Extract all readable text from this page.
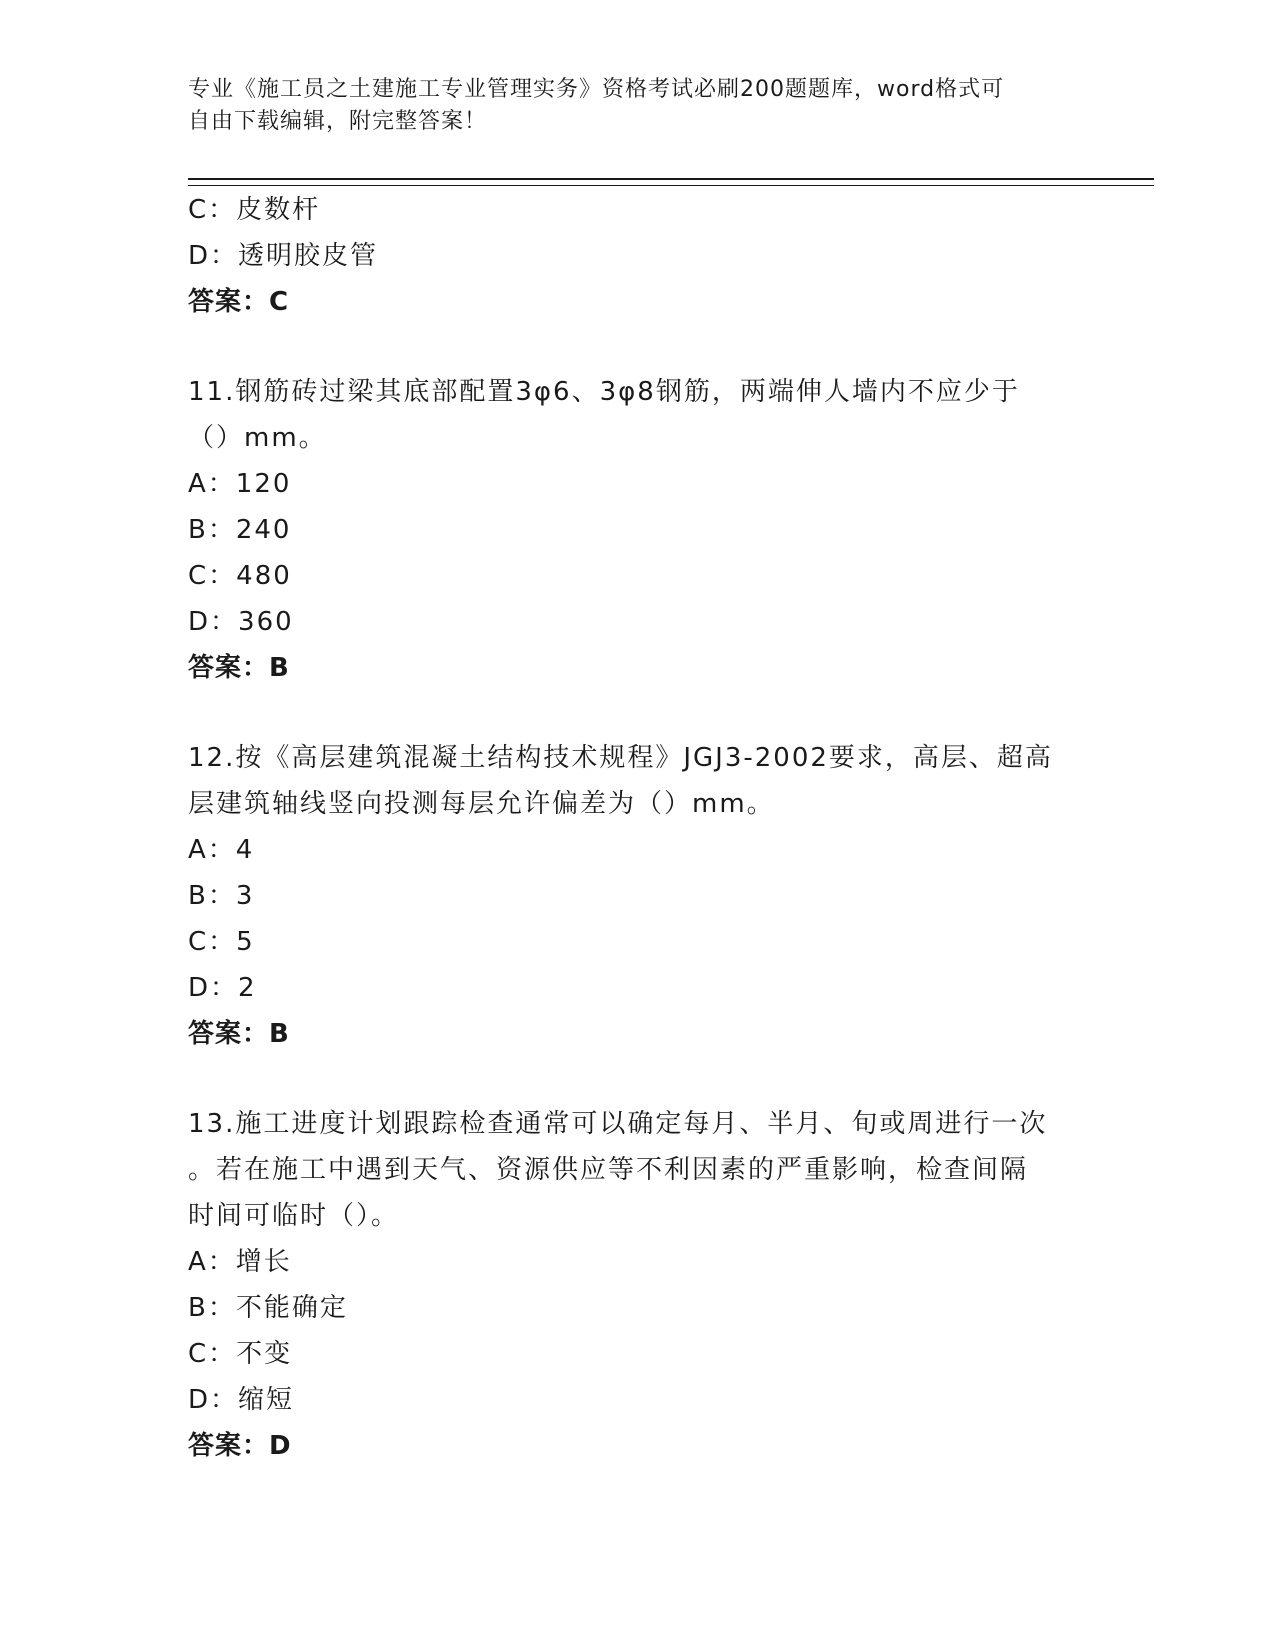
专业《施工员之土建施工专业管理实务》资格考试必刷200题题库，word格式可
自由下载编辑，附完整答案！
C：皮数杆
D：透明胶皮管
答案：C
11.钢筋砖过梁其底部配置3φ6、3φ8钢筋，两端伸人墙内不应少于
（）mm。
A：120
B：240
C：480
D：360
答案：B
12.按《高层建筑混凝土结构技术规程》JGJ3-2002要求，高层、超高
层建筑轴线竖向投测每层允许偏差为（）mm。
A：4
B：3
C：5
D：2
答案：B
13.施工进度计划跟踪检查通常可以确定每月、半月、旬或周进行一次
。若在施工中遇到天气、资源供应等不利因素的严重影响，检查间隔
时间可临时（）。
A：增长
B：不能确定
C：不变
D：缩短
答案：D
